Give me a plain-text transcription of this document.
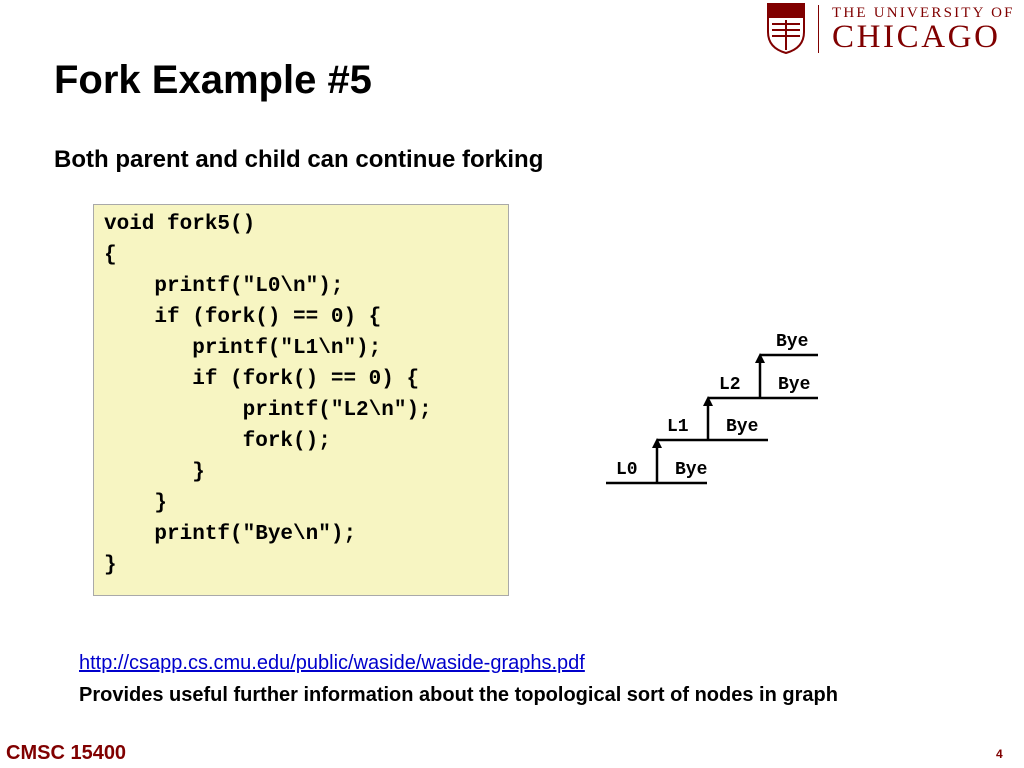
THE UNIVERSITY OF
CHICAGO
Fork Example #5
Both parent and child can continue forking
void fork5()
{
printf("L0\n");
if (fork() == 0) {
printf("L1\n");
if (fork() == 0) {
printf("L2\n");
fork();
}
}
printf("Bye\n");
}
L0
L1
L2
Bye
Bye
Bye
Bye
http://csapp.cs.cmu.edu/public/waside/waside-graphs.pdf
Provides useful further information about the topological sort of nodes in graph
CMSC 15400	4
